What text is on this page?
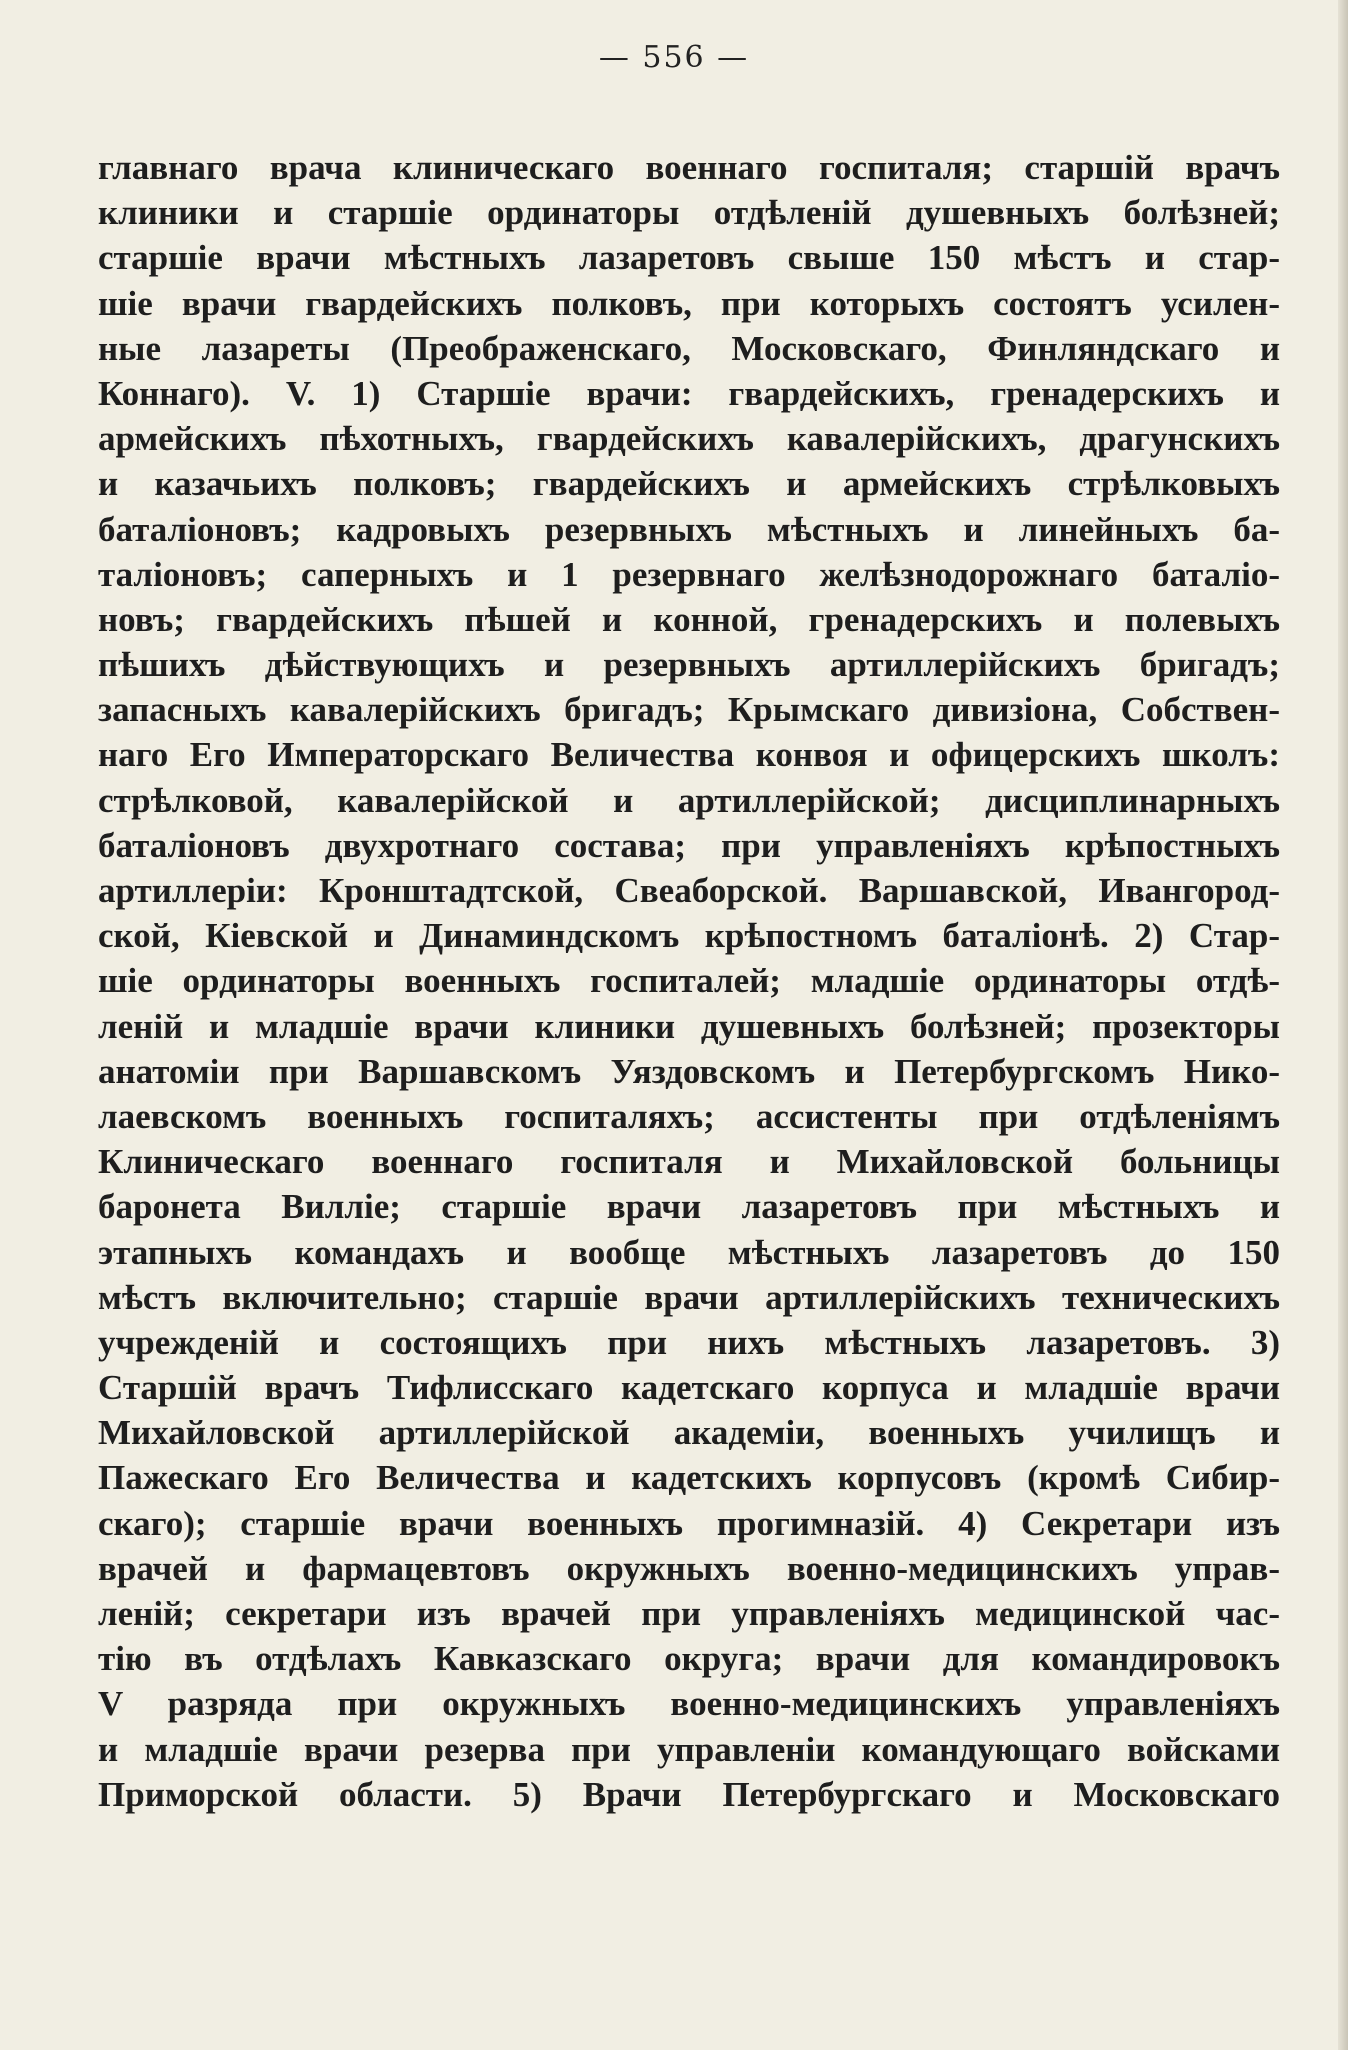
— 556 —
главнаго врача клиническаго военнаго госпиталя; старшій врачъ
клиники и старшіе ординаторы отдѣленій душевныхъ болѣзней;
старшіе врачи мѣстныхъ лазаретовъ свыше 150 мѣстъ и стар-
шіе врачи гвардейскихъ полковъ, при которыхъ состоятъ усилен-
ные лазареты (Преображенскаго, Московскаго, Финляндскаго и
Коннаго). V. 1) Старшіе врачи: гвардейскихъ, гренадерскихъ и
армейскихъ пѣхотныхъ, гвардейскихъ кавалерійскихъ, драгунскихъ
и казачьихъ полковъ; гвардейскихъ и армейскихъ стрѣлковыхъ
баталіоновъ; кадровыхъ резервныхъ мѣстныхъ и линейныхъ ба-
таліоновъ; саперныхъ и 1 резервнаго желѣзнодорожнаго баталіо-
новъ; гвардейскихъ пѣшей и конной, гренадерскихъ и полевыхъ
пѣшихъ дѣйствующихъ и резервныхъ артиллерійскихъ бригадъ;
запасныхъ кавалерійскихъ бригадъ; Крымскаго дивизіона, Собствен-
наго Его Императорскаго Величества конвоя и офицерскихъ школъ:
стрѣлковой, кавалерійской и артиллерійской; дисциплинарныхъ
баталіоновъ двухротнаго состава; при управленіяхъ крѣпостныхъ
артиллеріи: Кронштадтской, Свеаборской. Варшавской, Ивангород-
ской, Кіевской и Динаминдскомъ крѣпостномъ баталіонѣ. 2) Стар-
шіе ординаторы военныхъ госпиталей; младшіе ординаторы отдѣ-
леній и младшіе врачи клиники душевныхъ болѣзней; прозекторы
анатоміи при Варшавскомъ Уяздовскомъ и Петербургскомъ Нико-
лаевскомъ военныхъ госпиталяхъ; ассистенты при отдѣленіямъ
Клиническаго военнаго госпиталя и Михайловской больницы
баронета Виллie; старшіе врачи лазаретовъ при мѣстныхъ и
этапныхъ командахъ и вообще мѣстныхъ лазаретовъ до 150
мѣстъ включительно; старшіе врачи артиллерійскихъ техническихъ
учрежденій и состоящихъ при нихъ мѣстныхъ лазаретовъ. 3)
Старшій врачъ Тифлисскаго кадетскаго корпуса и младшіе врачи
Михайловской артиллерійской академіи, военныхъ училищъ и
Пажескаго Его Величества и кадетскихъ корпусовъ (кромѣ Сибир-
скаго); старшіе врачи военныхъ прогимназій. 4) Секретари изъ
врачей и фармацевтовъ окружныхъ военно-медицинскихъ управ-
леній; секретари изъ врачей при управленіяхъ медицинской час-
тію въ отдѣлахъ Кавказскаго округа; врачи для командировокъ
V разряда при окружныхъ военно-медицинскихъ управленіяхъ
и младшіе врачи резерва при управленіи командующаго войсками
Приморской области. 5) Врачи Петербургскаго и Московскаго
